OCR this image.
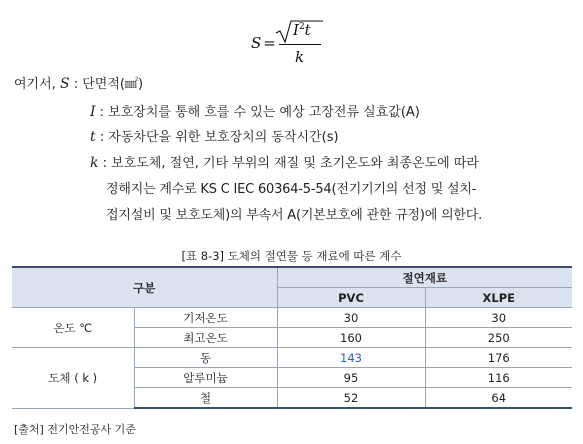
S =
$I^2t$
k
여기서, S : 단면적(㎟)
I : 보호장치를 통해 흐를 수 있는 예상 고장전류 실효값(A)
t : 자동차단을 위한 보호장치의 동작시간(s)
k : 보호도체, 절연, 기타 부위의 재질 및 초기온도와 최종온도에 따라
정해지는 계수로 KS C IEC 60364-5-54(전기기기의 선정 및 설치-
접지설비 및 보호도체)의 부속서 A(기본보호에 관한 규정)에 의한다.
[표 8-3] 도체의 절연물 등 재료에 따른 계수
구분		절연재료	
		PVC	XLPE
온도 ℃	기저온도	30	30
	최고온도	160	250
도체 ( k )	동	143	176
	알루미늄	95	116
	철	52	64
[출처] 전기안전공사 기준
